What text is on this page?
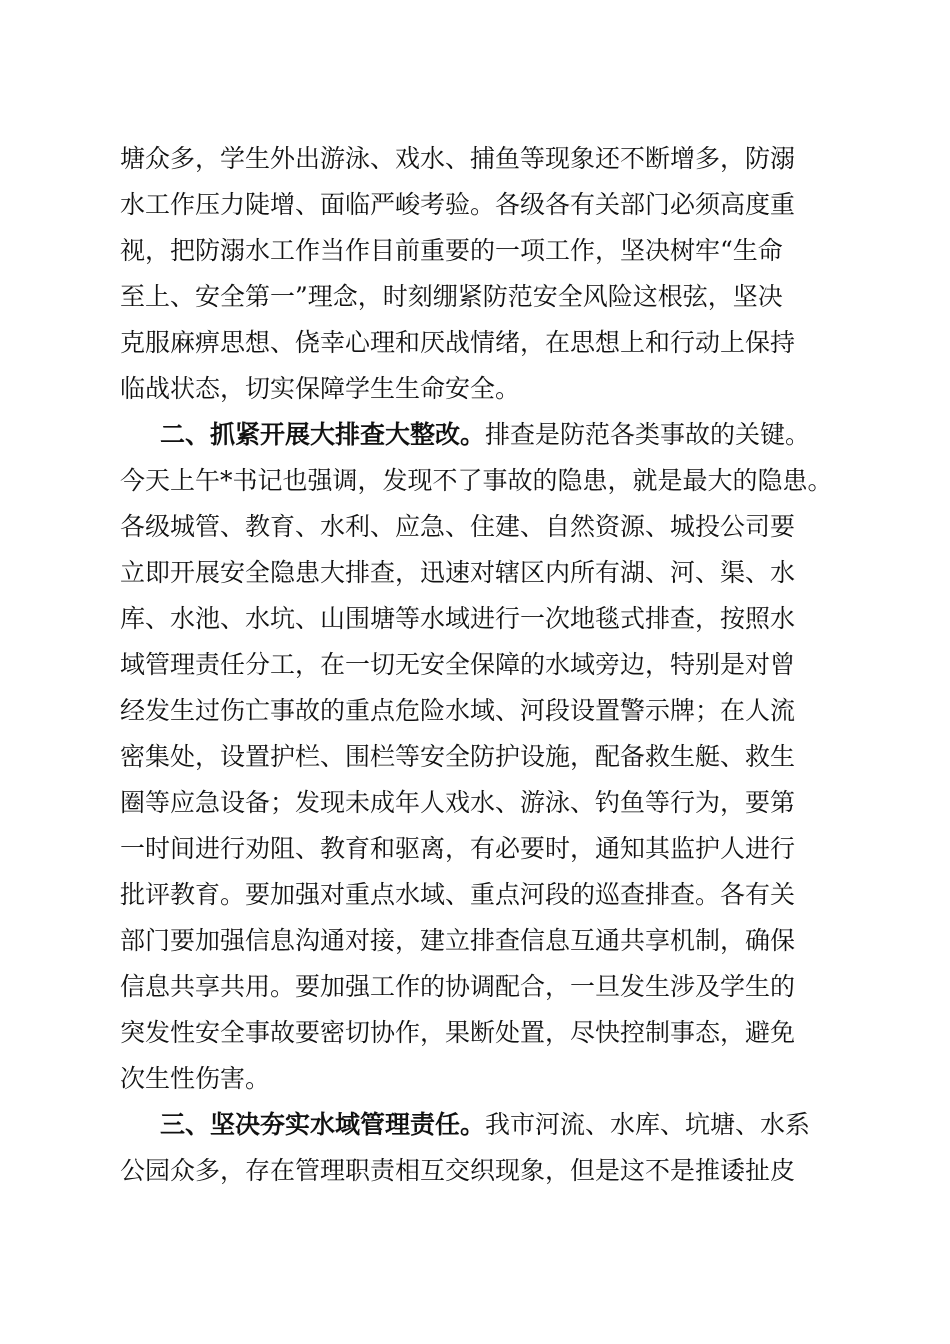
塘众多，学生外出游泳、戏水、捕鱼等现象还不断增多，防溺
水工作压力陡增、面临严峻考验。各级各有关部门必须高度重
视，把防溺水工作当作目前重要的一项工作，坚决树牢“生命
至上、安全第一”理念，时刻绷紧防范安全风险这根弦，坚决
克服麻痹思想、侥幸心理和厌战情绪，在思想上和行动上保持
临战状态，切实保障学生生命安全。
二、抓紧开展大排查大整改。排查是防范各类事故的关键。
今天上午*书记也强调，发现不了事故的隐患，就是最大的隐患。
各级城管、教育、水利、应急、住建、自然资源、城投公司要
立即开展安全隐患大排查，迅速对辖区内所有湖、河、渠、水
库、水池、水坑、山围塘等水域进行一次地毯式排查，按照水
域管理责任分工，在一切无安全保障的水域旁边，特别是对曾
经发生过伤亡事故的重点危险水域、河段设置警示牌；在人流
密集处，设置护栏、围栏等安全防护设施，配备救生艇、救生
圈等应急设备；发现未成年人戏水、游泳、钓鱼等行为，要第
一时间进行劝阻、教育和驱离，有必要时，通知其监护人进行
批评教育。要加强对重点水域、重点河段的巡查排查。各有关
部门要加强信息沟通对接，建立排查信息互通共享机制，确保
信息共享共用。要加强工作的协调配合，一旦发生涉及学生的
突发性安全事故要密切协作，果断处置，尽快控制事态，避免
次生性伤害。
三、坚决夯实水域管理责任。我市河流、水库、坑塘、水系
公园众多，存在管理职责相互交织现象，但是这不是推诿扯皮
